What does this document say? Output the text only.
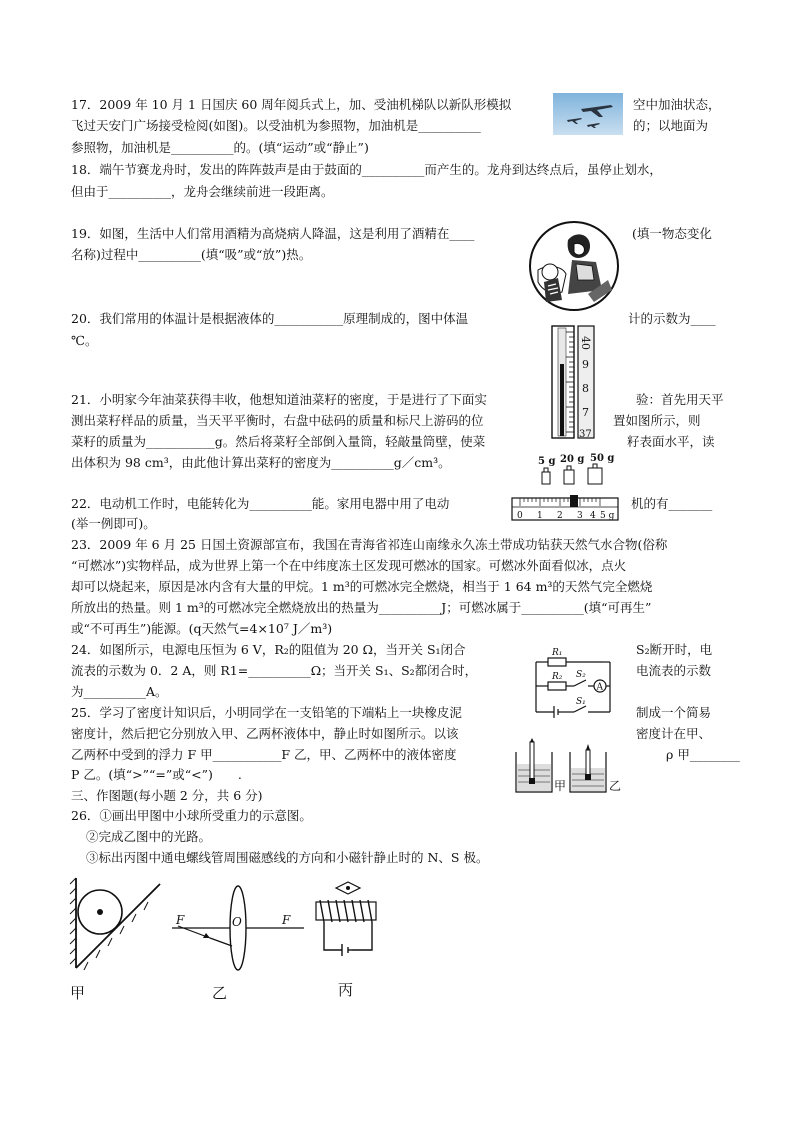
17．2009 年 10 月 1 日国庆 60 周年阅兵式上，加、受油机梯队以新队形模拟	空中加油状态，
飞过天安门广场接受检阅(如图)。以受油机为参照物，加油机是__________	的；以地面为
参照物，加油机是__________的。(填“运动”或“静止”)
18．端午节赛龙舟时，发出的阵阵鼓声是由于鼓面的__________而产生的。龙舟到达终点后，虽停止划水，
但由于__________，龙舟会继续前进一段距离。
19．如图，生活中人们常用酒精为高烧病人降温，这是利用了酒精在____	(填一物态变化
名称)过程中__________(填“吸”或“放”)热。
20．我们常用的体温计是根据液体的___________原理制成的，图中体温	计的示数为____
℃。	40
9
8
7
37
21．小明家今年油菜获得丰收，他想知道油菜籽的密度，于是进行了下面实	验：首先用天平
测出菜籽样品的质量，当天平平衡时，右盘中砝码的质量和标尺上游码的位	置如图所示，则
菜籽的质量为___________g。然后将菜籽全部倒入量筒，轻敲量筒壁，使菜	籽表面水平，读
出体积为 98 cm³，由此他计算出菜籽的密度为__________g／cm³。	5 g 20 g 50 g
0 1 2 3 4 5 g
22．电动机工作时，电能转化为__________能。家用电器中用了电动	机的有_______
(举一例即可)。
23．2009 年 6 月 25 日国土资源部宣布，我国在青海省祁连山南缘永久冻土带成功钻获天然气水合物(俗称
“可燃冰”)实物样品，成为世界上第一个在中纬度冻土区发现可燃冰的国家。可燃冰外面看似冰，点火
却可以烧起来，原因是冰内含有大量的甲烷。1 m³的可燃冰完全燃烧，相当于 1 64 m³的天然气完全燃烧
所放出的热量。则 1 m³的可燃冰完全燃烧放出的热量为__________J；可燃冰属于__________(填“可再生”
或“不可再生”)能源。(q天然气=4×10⁷ J／m³)
24．如图所示，电源电压恒为 6 V，R₂的阻值为 20 Ω，当开关 S₁闭合	S₂断开时，电
流表的示数为 0．2 A，则 R1=__________Ω；当开关 S₁、S₂都闭合时，	电流表的示数
为__________A。
R₁
R₂ S₂
A
S₁
25．学习了密度计知识后，小明同学在一支铅笔的下端粘上一块橡皮泥	制成一个简易
密度计，然后把它分别放入甲、乙两杯液体中，静止时如图所示。以该	密度计在甲、
乙两杯中受到的浮力 F 甲___________F 乙，甲、乙两杯中的液体密度	ρ 甲________
P 乙。(填“>”“=”或“<”)　　.
甲	乙
三、作图题(每小题 2 分，共 6 分)
26．①画出甲图中小球所受重力的示意图。
②完成乙图中的光路。
③标出丙图中通电螺线管周围磁感线的方向和小磁针静止时的 N、S 极。
甲
F	O	F
乙	丙
